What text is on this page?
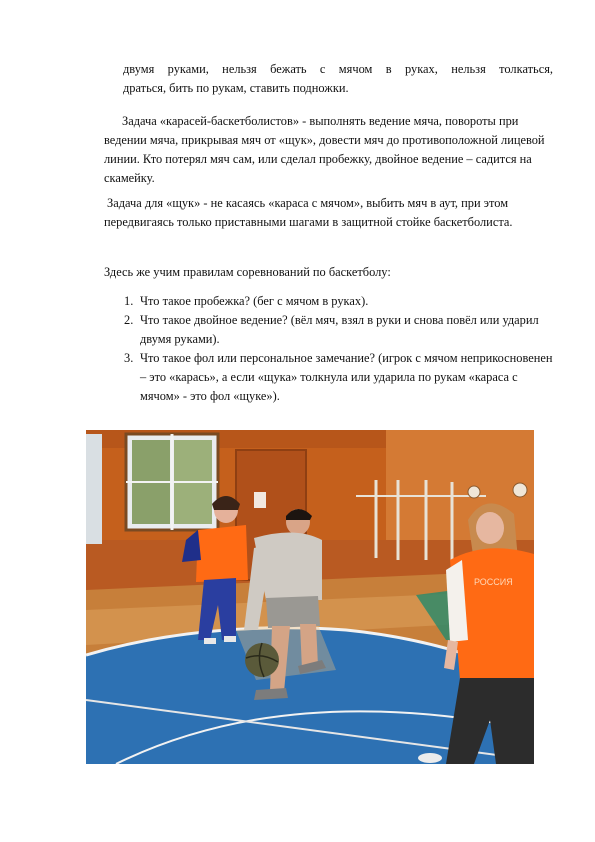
двумя руками, нельзя бежать с мячом в руках, нельзя толкаться,
драться, бить по рукам, ставить подножки.

Задача «карасей-баскетболистов» - выполнять ведение мяча, повороты при ведении мяча, прикрывая мяч от «щук», довести мяч до противоположной лицевой линии. Кто потерял мяч сам, или сделал пробежку, двойное ведение – садится на скамейку.

Задача для «щук» - не касаясь «караса с мячом», выбить мяч в аут, при этом передвигаясь только приставными шагами в защитной стойке баскетболиста.

Здесь же учим правилам соревнований по баскетболу:

1. Что такое пробежка? (бег с мячом в руках).
2. Что такое двойное ведение? (вёл мяч, взял в руки и снова повёл или ударил двумя руками).
3. Что такое фол или персональное замечание? (игрок с мячом неприкосновенен – это «карась», а если «щука» толкнула или ударила по рукам «караса с мячом» - это фол «щуке»).
РОССИЯ
